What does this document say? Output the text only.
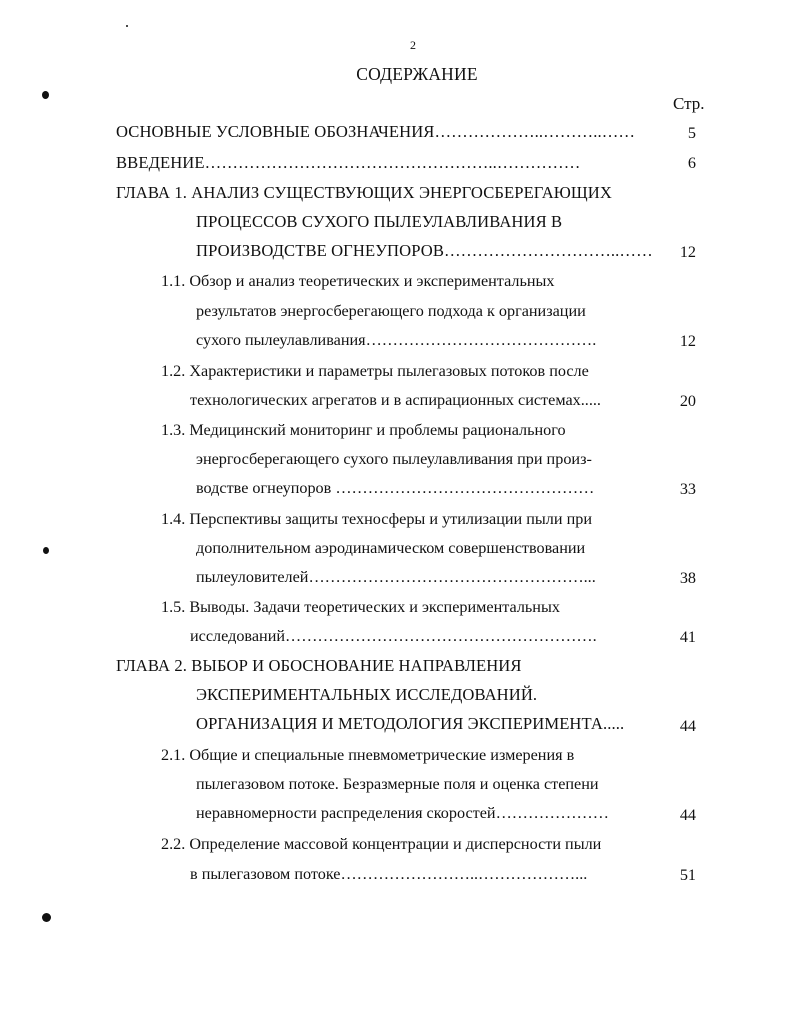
2
СОДЕРЖАНИЕ
Стр.
ОСНОВНЫЕ УСЛОВНЫЕ ОБОЗНАЧЕНИЯ………………..………..……	5
ВВЕДЕНИЕ……………………………………………..……………	6
ГЛАВА 1. АНАЛИЗ СУЩЕСТВУЮЩИХ ЭНЕРГОСБЕРЕГАЮЩИХ
ПРОЦЕССОВ СУХОГО ПЫЛЕУЛАВЛИВАНИЯ В
ПРОИЗВОДСТВЕ ОГНЕУПОРОВ…………………………..……	12
1.1. Обзор и анализ теоретических и экспериментальных
результатов энергосберегающего подхода к организации
сухого пылеулавливания…………………………………….	12
1.2. Характеристики и параметры пылегазовых потоков после
технологических агрегатов и в аспирационных системах.....	20
1.3. Медицинский мониторинг и проблемы рационального
энергосберегающего сухого пылеулавливания при произ-
водстве огнеупоров …………………………………………	33
1.4. Перспективы защиты техносферы и утилизации пыли при
дополнительном аэродинамическом совершенствовании
пылеуловителей……………………………………………...	38
1.5. Выводы. Задачи теоретических и экспериментальных
исследований………………………………………………….	41
ГЛАВА 2. ВЫБОР И ОБОСНОВАНИЕ НАПРАВЛЕНИЯ
ЭКСПЕРИМЕНТАЛЬНЫХ ИССЛЕДОВАНИЙ.
ОРГАНИЗАЦИЯ И МЕТОДОЛОГИЯ ЭКСПЕРИМЕНТА.....	44
2.1. Общие и специальные пневмометрические измерения в
пылегазовом потоке. Безразмерные поля и оценка степени
неравномерности распределения скоростей…………………	44
2.2. Определение массовой концентрации и дисперсности пыли
в пылегазовом потоке……………………..………………...	51
